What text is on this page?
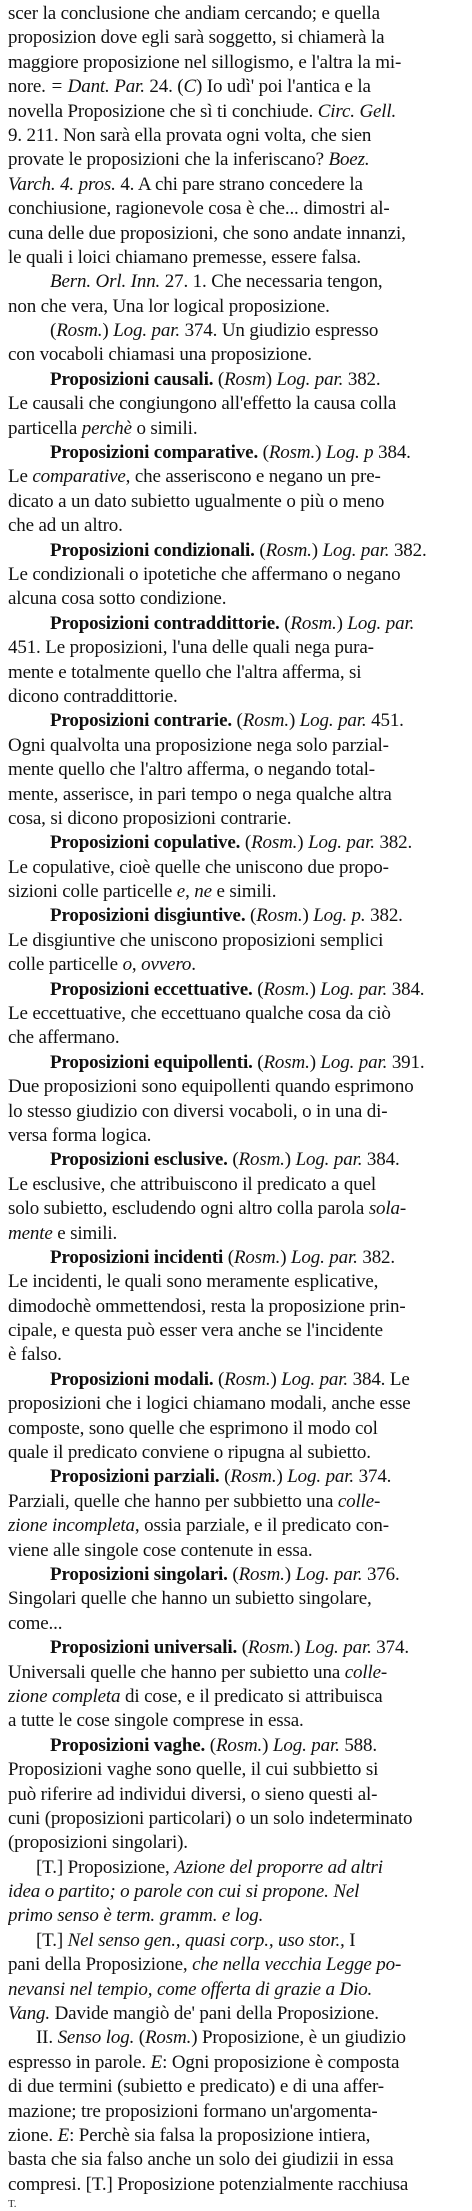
scer la conclusione che andiam cercando; e quella
proposizion dove egli sarà soggetto, si chiamerà la
maggiore proposizione nel sillogismo, e l'altra la mi-
nore. = Dant. Par. 24. (C) Io udì' poi l'antica e la
novella Proposizione che sì ti conchiude. Circ. Gell.
9. 211. Non sarà ella provata ogni volta, che sien
provate le proposizioni che la inferiscano? Boez.
Varch. 4. pros. 4. A chi pare strano concedere la
conchiusione, ragionevole cosa è che... dimostri al-
cuna delle due proposizioni, che sono andate innanzi,
le quali i loici chiamano premesse, essere falsa.
Bern. Orl. Inn. 27. 1. Che necessaria tengon,
non che vera, Una lor logical proposizione.
(Rosm.) Log. par. 374. Un giudizio espresso
con vocaboli chiamasi una proposizione.
Proposizioni causali. (Rosm) Log. par. 382.
Le causali che congiungono all'effetto la causa colla
particella perchè o simili.
Proposizioni comparative. (Rosm.) Log. p 384.
Le comparative, che asseriscono e negano un pre-
dicato a un dato subietto ugualmente o più o meno
che ad un altro.
Proposizioni condizionali. (Rosm.) Log. par. 382.
Le condizionali o ipotetiche che affermano o negano
alcuna cosa sotto condizione.
Proposizioni contraddittorie. (Rosm.) Log. par.
451. Le proposizioni, l'una delle quali nega pura-
mente e totalmente quello che l'altra afferma, si
dicono contraddittorie.
Proposizioni contrarie. (Rosm.) Log. par. 451.
Ogni qualvolta una proposizione nega solo parzial-
mente quello che l'altro afferma, o negando total-
mente, asserisce, in pari tempo o nega qualche altra
cosa, si dicono proposizioni contrarie.
Proposizioni copulative. (Rosm.) Log. par. 382.
Le copulative, cioè quelle che uniscono due propo-
sizioni colle particelle e, ne e simili.
Proposizioni disgiuntive. (Rosm.) Log. p. 382.
Le disgiuntive che uniscono proposizioni semplici
colle particelle o, ovvero.
Proposizioni eccettuative. (Rosm.) Log. par. 384.
Le eccettuative, che eccettuano qualche cosa da ciò
che affermano.
Proposizioni equipollenti. (Rosm.) Log. par. 391.
Due proposizioni sono equipollenti quando esprimono
lo stesso giudizio con diversi vocaboli, o in una di-
versa forma logica.
Proposizioni esclusive. (Rosm.) Log. par. 384.
Le esclusive, che attribuiscono il predicato a quel
solo subietto, escludendo ogni altro colla parola sola-
mente e simili.
Proposizioni incidenti (Rosm.) Log. par. 382.
Le incidenti, le quali sono meramente esplicative,
dimodochè ommettendosi, resta la proposizione prin-
cipale, e questa può esser vera anche se l'incidente
è falso.
Proposizioni modali. (Rosm.) Log. par. 384. Le
proposizioni che i logici chiamano modali, anche esse
composte, sono quelle che esprimono il modo col
quale il predicato conviene o ripugna al subietto.
Proposizioni parziali. (Rosm.) Log. par. 374.
Parziali, quelle che hanno per subbietto una colle-
zione incompleta, ossia parziale, e il predicato con-
viene alle singole cose contenute in essa.
Proposizioni singolari. (Rosm.) Log. par. 376.
Singolari quelle che hanno un subietto singolare,
come...
Proposizioni universali. (Rosm.) Log. par. 374.
Universali quelle che hanno per subietto una colle-
zione completa di cose, e il predicato si attribuisca
a tutte le cose singole comprese in essa.
Proposizioni vaghe. (Rosm.) Log. par. 588.
Proposizioni vaghe sono quelle, il cui subbietto si
può riferire ad individui diversi, o sieno questi al-
cuni (proposizioni particolari) o un solo indeterminato
(proposizioni singolari).
[T.] Proposizione, Azione del proporre ad altri
idea o partito; o parole con cui si propone. Nel
primo senso è term. gramm. e log.
[T.] Nel senso gen., quasi corp., uso stor., I
pani della Proposizione, che nella vecchia Legge po-
nevansi nel tempio, come offerta di grazie a Dio.
Vang. Davide mangiò de' pani della Proposizione.
II. Senso log. (Rosm.) Proposizione, è un giudizio
espresso in parole. E: Ogni proposizione è composta
di due termini (subietto e predicato) e di una affer-
mazione; tre proposizioni formano un'argomenta-
zione. E: Perchè sia falsa la proposizione intiera,
basta che sia falso anche un solo dei giudizii in essa
compresi. [T.] Proposizione potenzialmente racchiusa
T.
